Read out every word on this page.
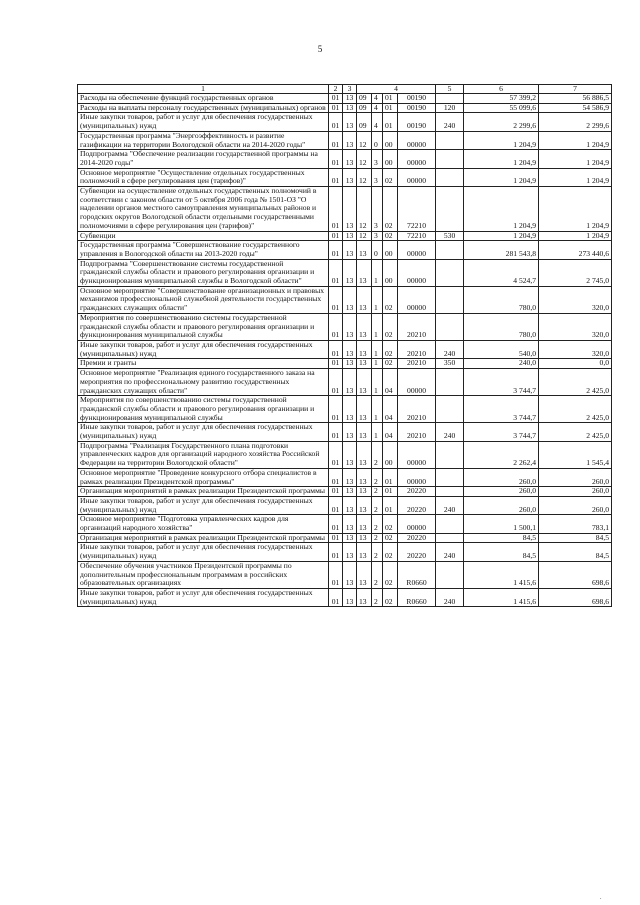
5
1	2	3	4				5	6	7
Расходы на обеспечение функций государственных органов	01	13	09	4	01	00190		57 399,2	56 886,5
Расходы на выплаты персоналу государственных (муниципальных) органов	01	13	09	4	01	00190	120	55 099,6	54 586,9
Иные закупки товаров, работ и услуг для обеспечения государственных (муниципальных) нужд	01	13	09	4	01	00190	240	2 299,6	2 299,6
Государственная программа "Энергоэффективность и развитие газификации на территории Вологодской области на 2014-2020 годы"	01	13	12	0	00	00000		1 204,9	1 204,9
Подпрограмма "Обеспечение реализации государственной программы на 2014-2020 годы"	01	13	12	3	00	00000		1 204,9	1 204,9
Основное мероприятие "Осуществление отдельных государственных полномочий в сфере регулирования цен (тарифов)"	01	13	12	3	02	00000		1 204,9	1 204,9
Субвенции на осуществление отдельных государственных полномочий в соответствии с законом области от 5 октября 2006 года № 1501-ОЗ "О наделении органов местного самоуправления муниципальных районов и городских округов Вологодской области отдельными государственными полномочиями в сфере регулирования цен (тарифов)"	01	13	12	3	02	72210		1 204,9	1 204,9
Субвенции	01	13	12	3	02	72210	530	1 204,9	1 204,9
Государственная программа "Совершенствование государственного управления в Вологодской области на 2013-2020 годы"	01	13	13	0	00	00000		281 543,8	273 440,6
Подпрограмма "Совершенствование системы государственной гражданской службы области и правового регулирования организации и функционирования муниципальной службы в Вологодской области"	01	13	13	1	00	00000		4 524,7	2 745,0
Основное мероприятие "Совершенствование организационных и правовых механизмов профессиональной служебной деятельности государственных гражданских служащих области"	01	13	13	1	02	00000		780,0	320,0
Мероприятия по совершенствованию системы государственной гражданской службы области и правового регулирования организации и функционирования муниципальной службы	01	13	13	1	02	20210		780,0	320,0
Иные закупки товаров, работ и услуг для обеспечения государственных (муниципальных) нужд	01	13	13	1	02	20210	240	540,0	320,0
Премии и гранты	01	13	13	1	02	20210	350	240,0	0,0
Основное мероприятие "Реализация единого государственного заказа на мероприятия по профессиональному развитию государственных гражданских служащих области"	01	13	13	1	04	00000		3 744,7	2 425,0
Мероприятия по совершенствованию системы государственной гражданской службы области и правового регулирования организации и функционирования муниципальной службы	01	13	13	1	04	20210		3 744,7	2 425,0
Иные закупки товаров, работ и услуг для обеспечения государственных (муниципальных) нужд	01	13	13	1	04	20210	240	3 744,7	2 425,0
Подпрограмма "Реализация Государственного плана подготовки управленческих кадров для организаций народного хозяйства Российской Федерации на территории Вологодской области"	01	13	13	2	00	00000		2 262,4	1 545,4
Основное мероприятие "Проведение конкурсного отбора специалистов в рамках реализации Президентской программы"	01	13	13	2	01	00000		260,0	260,0
Организация мероприятий в рамках реализации Президентской программы	01	13	13	2	01	20220		260,0	260,0
Иные закупки товаров, работ и услуг для обеспечения государственных (муниципальных) нужд	01	13	13	2	01	20220	240	260,0	260,0
Основное мероприятие "Подготовка управленческих кадров для организаций народного хозяйства"	01	13	13	2	02	00000		1 500,1	783,1
Организация мероприятий в рамках реализации Президентской программы	01	13	13	2	02	20220		84,5	84,5
Иные закупки товаров, работ и услуг для обеспечения государственных (муниципальных) нужд	01	13	13	2	02	20220	240	84,5	84,5
Обеспечение обучения участников Президентской программы по дополнительным профессиональным программам в российских образовательных организациях	01	13	13	2	02	R0660		1 415,6	698,6
Иные закупки товаров, работ и услуг для обеспечения государственных (муниципальных) нужд	01	13	13	2	02	R0660	240	1 415,6	698,6
.
